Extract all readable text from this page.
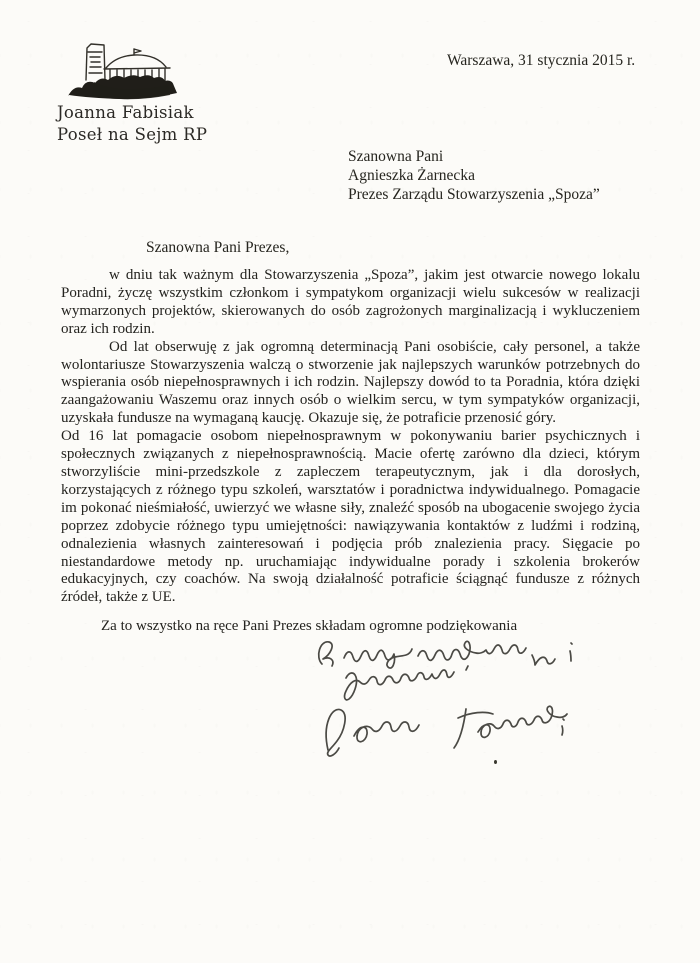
Joanna Fabisiak
Poseł na Sejm RP
Warszawa, 31 stycznia 2015 r.
Szanowna Pani
Agnieszka Żarnecka
Prezes Zarządu Stowarzyszenia „Spoza”
Szanowna Pani Prezes,

w dniu tak ważnym dla Stowarzyszenia „Spoza”, jakim jest otwarcie nowego lokalu Poradni, życzę wszystkim członkom i sympatykom organizacji wielu sukcesów w realizacji wymarzonych projektów, skierowanych do osób zagrożonych marginalizacją i wykluczeniem oraz ich rodzin.

Od lat obserwuję z jak ogromną determinacją Pani osobiście, cały personel, a także wolontariusze Stowarzyszenia walczą o stworzenie jak najlepszych warunków potrzebnych do wspierania osób niepełnosprawnych i ich rodzin. Najlepszy dowód to ta Poradnia, która dzięki zaangażowaniu Waszemu oraz innych osób o wielkim sercu, w tym sympatyków organizacji, uzyskała fundusze na wymaganą kaucję. Okazuje się, że potraficie przenosić góry.

Od 16 lat pomagacie osobom niepełnosprawnym w pokonywaniu barier psychicznych i społecznych związanych z niepełnosprawnością. Macie ofertę zarówno dla dzieci, którym stworzyliście mini-przedszkole z zapleczem terapeutycznym, jak i dla dorosłych, korzystających z różnego typu szkoleń, warsztatów i poradnictwa indywidualnego. Pomagacie im pokonać nieśmiałość, uwierzyć we własne siły, znaleźć sposób na ubogacenie swojego życia poprzez zdobycie różnego typu umiejętności: nawiązywania kontaktów z ludźmi i rodziną, odnalezienia własnych zainteresowań i podjęcia prób znalezienia pracy. Sięgacie po niestandardowe metody np. uruchamiając indywidualne porady i szkolenia brokerów edukacyjnych, czy coachów. Na swoją działalność potraficie ściągnąć fundusze z różnych źródeł, także z UE.

Za to wszystko na ręce Pani Prezes składam ogromne podziękowania
